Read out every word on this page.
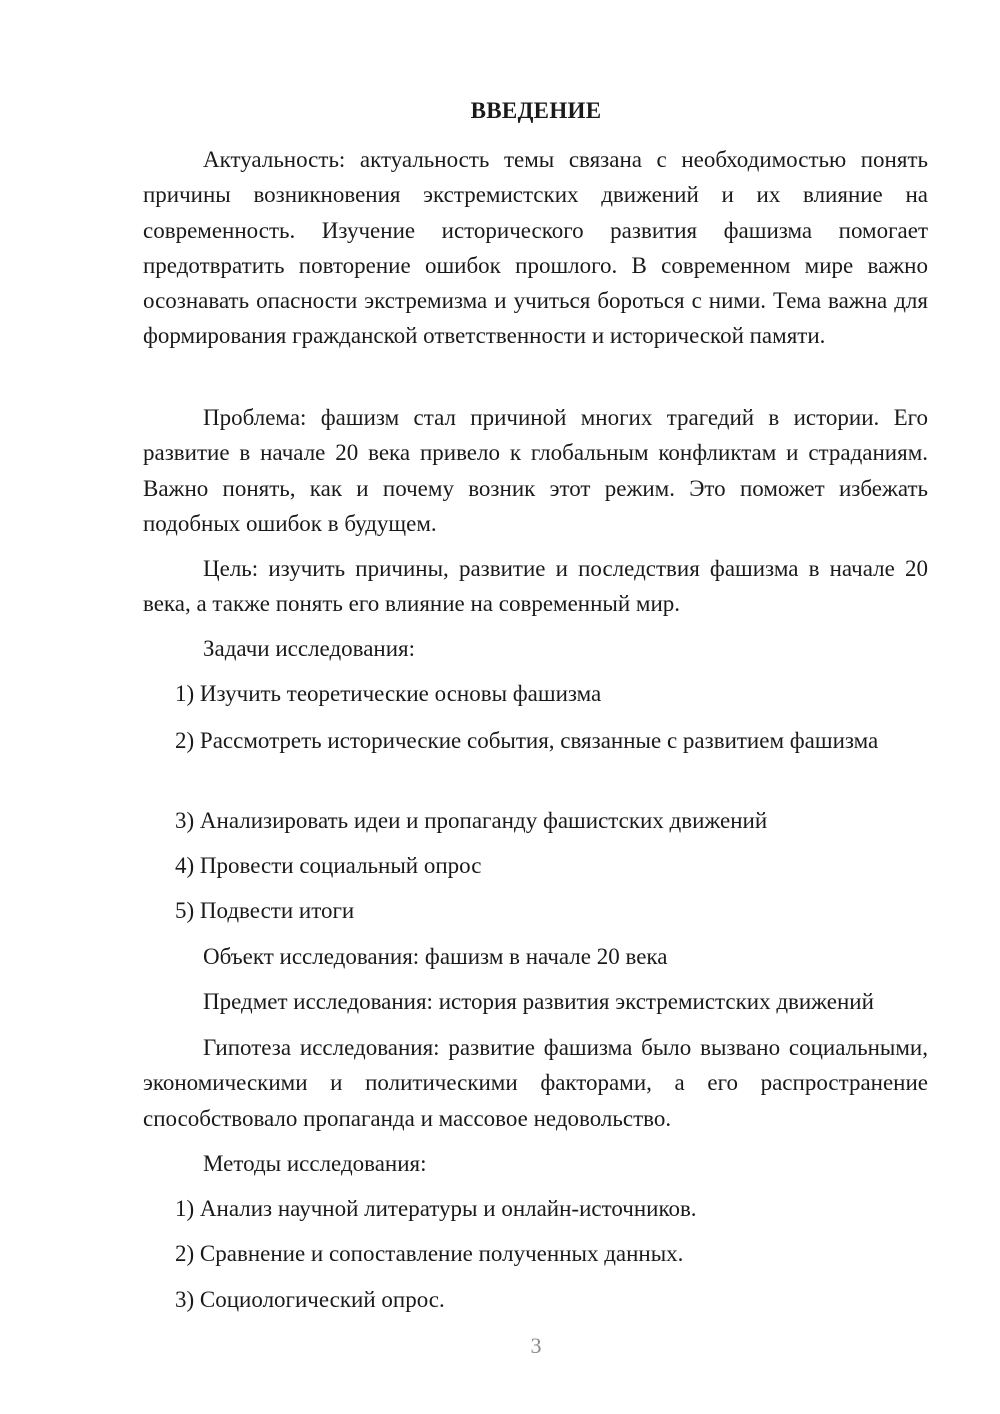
ВВЕДЕНИЕ

Актуальность: актуальность темы связана с необходимостью понять причины возникновения экстремистских движений и их влияние на современность. Изучение исторического развития фашизма помогает предотвратить повторение ошибок прошлого. В современном мире важно осознавать опасности экстремизма и учиться бороться с ними. Тема важна для формирования гражданской ответственности и исторической памяти.

Проблема: фашизм стал причиной многих трагедий в истории. Его развитие в начале 20 века привело к глобальным конфликтам и страданиям. Важно понять, как и почему возник этот режим. Это поможет избежать подобных ошибок в будущем.

Цель: изучить причины, развитие и последствия фашизма в начале 20 века, а также понять его влияние на современный мир.

Задачи исследования:

1) Изучить теоретические основы фашизма

2) Рассмотреть исторические события, связанные с развитием фашизма

3) Анализировать идеи и пропаганду фашистских движений

4) Провести социальный опрос

5) Подвести итоги

Объект исследования: фашизм в начале 20 века

Предмет исследования: история развития экстремистских движений

Гипотеза исследования: развитие фашизма было вызвано социальными, экономическими и политическими факторами, а его распространение способствовало пропаганда и массовое недовольство.

Методы исследования:

1) Анализ научной литературы и онлайн-источников.

2) Сравнение и сопоставление полученных данных.

3) Социологический опрос.

3
